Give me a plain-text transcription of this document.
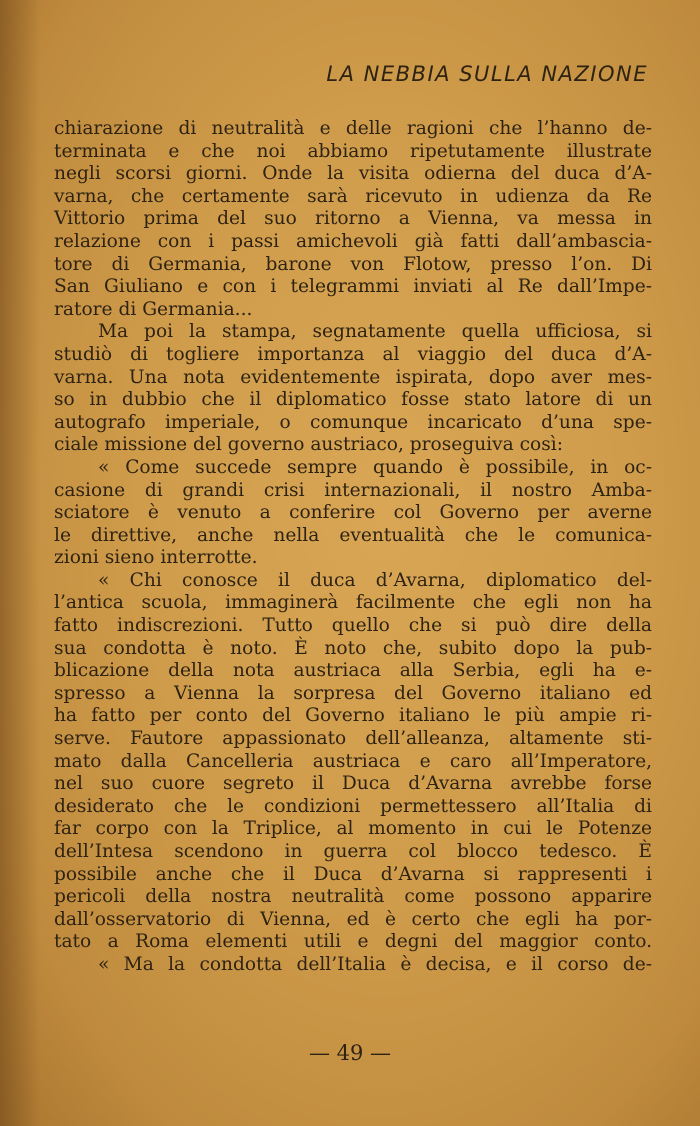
LA NEBBIA SULLA NAZIONE
chiarazione di neutralità e delle ragioni che l’hanno de-
terminata e che noi abbiamo ripetutamente illustrate
negli scorsi giorni. Onde la visita odierna del duca d’A-
varna, che certamente sarà ricevuto in udienza da Re
Vittorio prima del suo ritorno a Vienna, va messa in
relazione con i passi amichevoli già fatti dall’ambascia-
tore di Germania, barone von Flotow, presso l’on. Di
San Giuliano e con i telegrammi inviati al Re dall’Impe-
ratore di Germania...
Ma poi la stampa, segnatamente quella ufficiosa, si
studiò di togliere importanza al viaggio del duca d’A-
varna. Una nota evidentemente ispirata, dopo aver mes-
so in dubbio che il diplomatico fosse stato latore di un
autografo imperiale, o comunque incaricato d’una spe-
ciale missione del governo austriaco, proseguiva così:
« Come succede sempre quando è possibile, in oc-
casione di grandi crisi internazionali, il nostro Amba-
sciatore è venuto a conferire col Governo per averne
le direttive, anche nella eventualità che le comunica-
zioni sieno interrotte.
« Chi conosce il duca d’Avarna, diplomatico del-
l’antica scuola, immaginerà facilmente che egli non ha
fatto indiscrezioni. Tutto quello che si può dire della
sua condotta è noto. È noto che, subito dopo la pub-
blicazione della nota austriaca alla Serbia, egli ha e-
spresso a Vienna la sorpresa del Governo italiano ed
ha fatto per conto del Governo italiano le più ampie ri-
serve. Fautore appassionato dell’alleanza, altamente sti-
mato dalla Cancelleria austriaca e caro all’Imperatore,
nel suo cuore segreto il Duca d’Avarna avrebbe forse
desiderato che le condizioni permettessero all’Italia di
far corpo con la Triplice, al momento in cui le Potenze
dell’Intesa scendono in guerra col blocco tedesco. È
possibile anche che il Duca d’Avarna si rappresenti i
pericoli della nostra neutralità come possono apparire
dall’osservatorio di Vienna, ed è certo che egli ha por-
tato a Roma elementi utili e degni del maggior conto.
« Ma la condotta dell’Italia è decisa, e il corso de-
— 49 —
